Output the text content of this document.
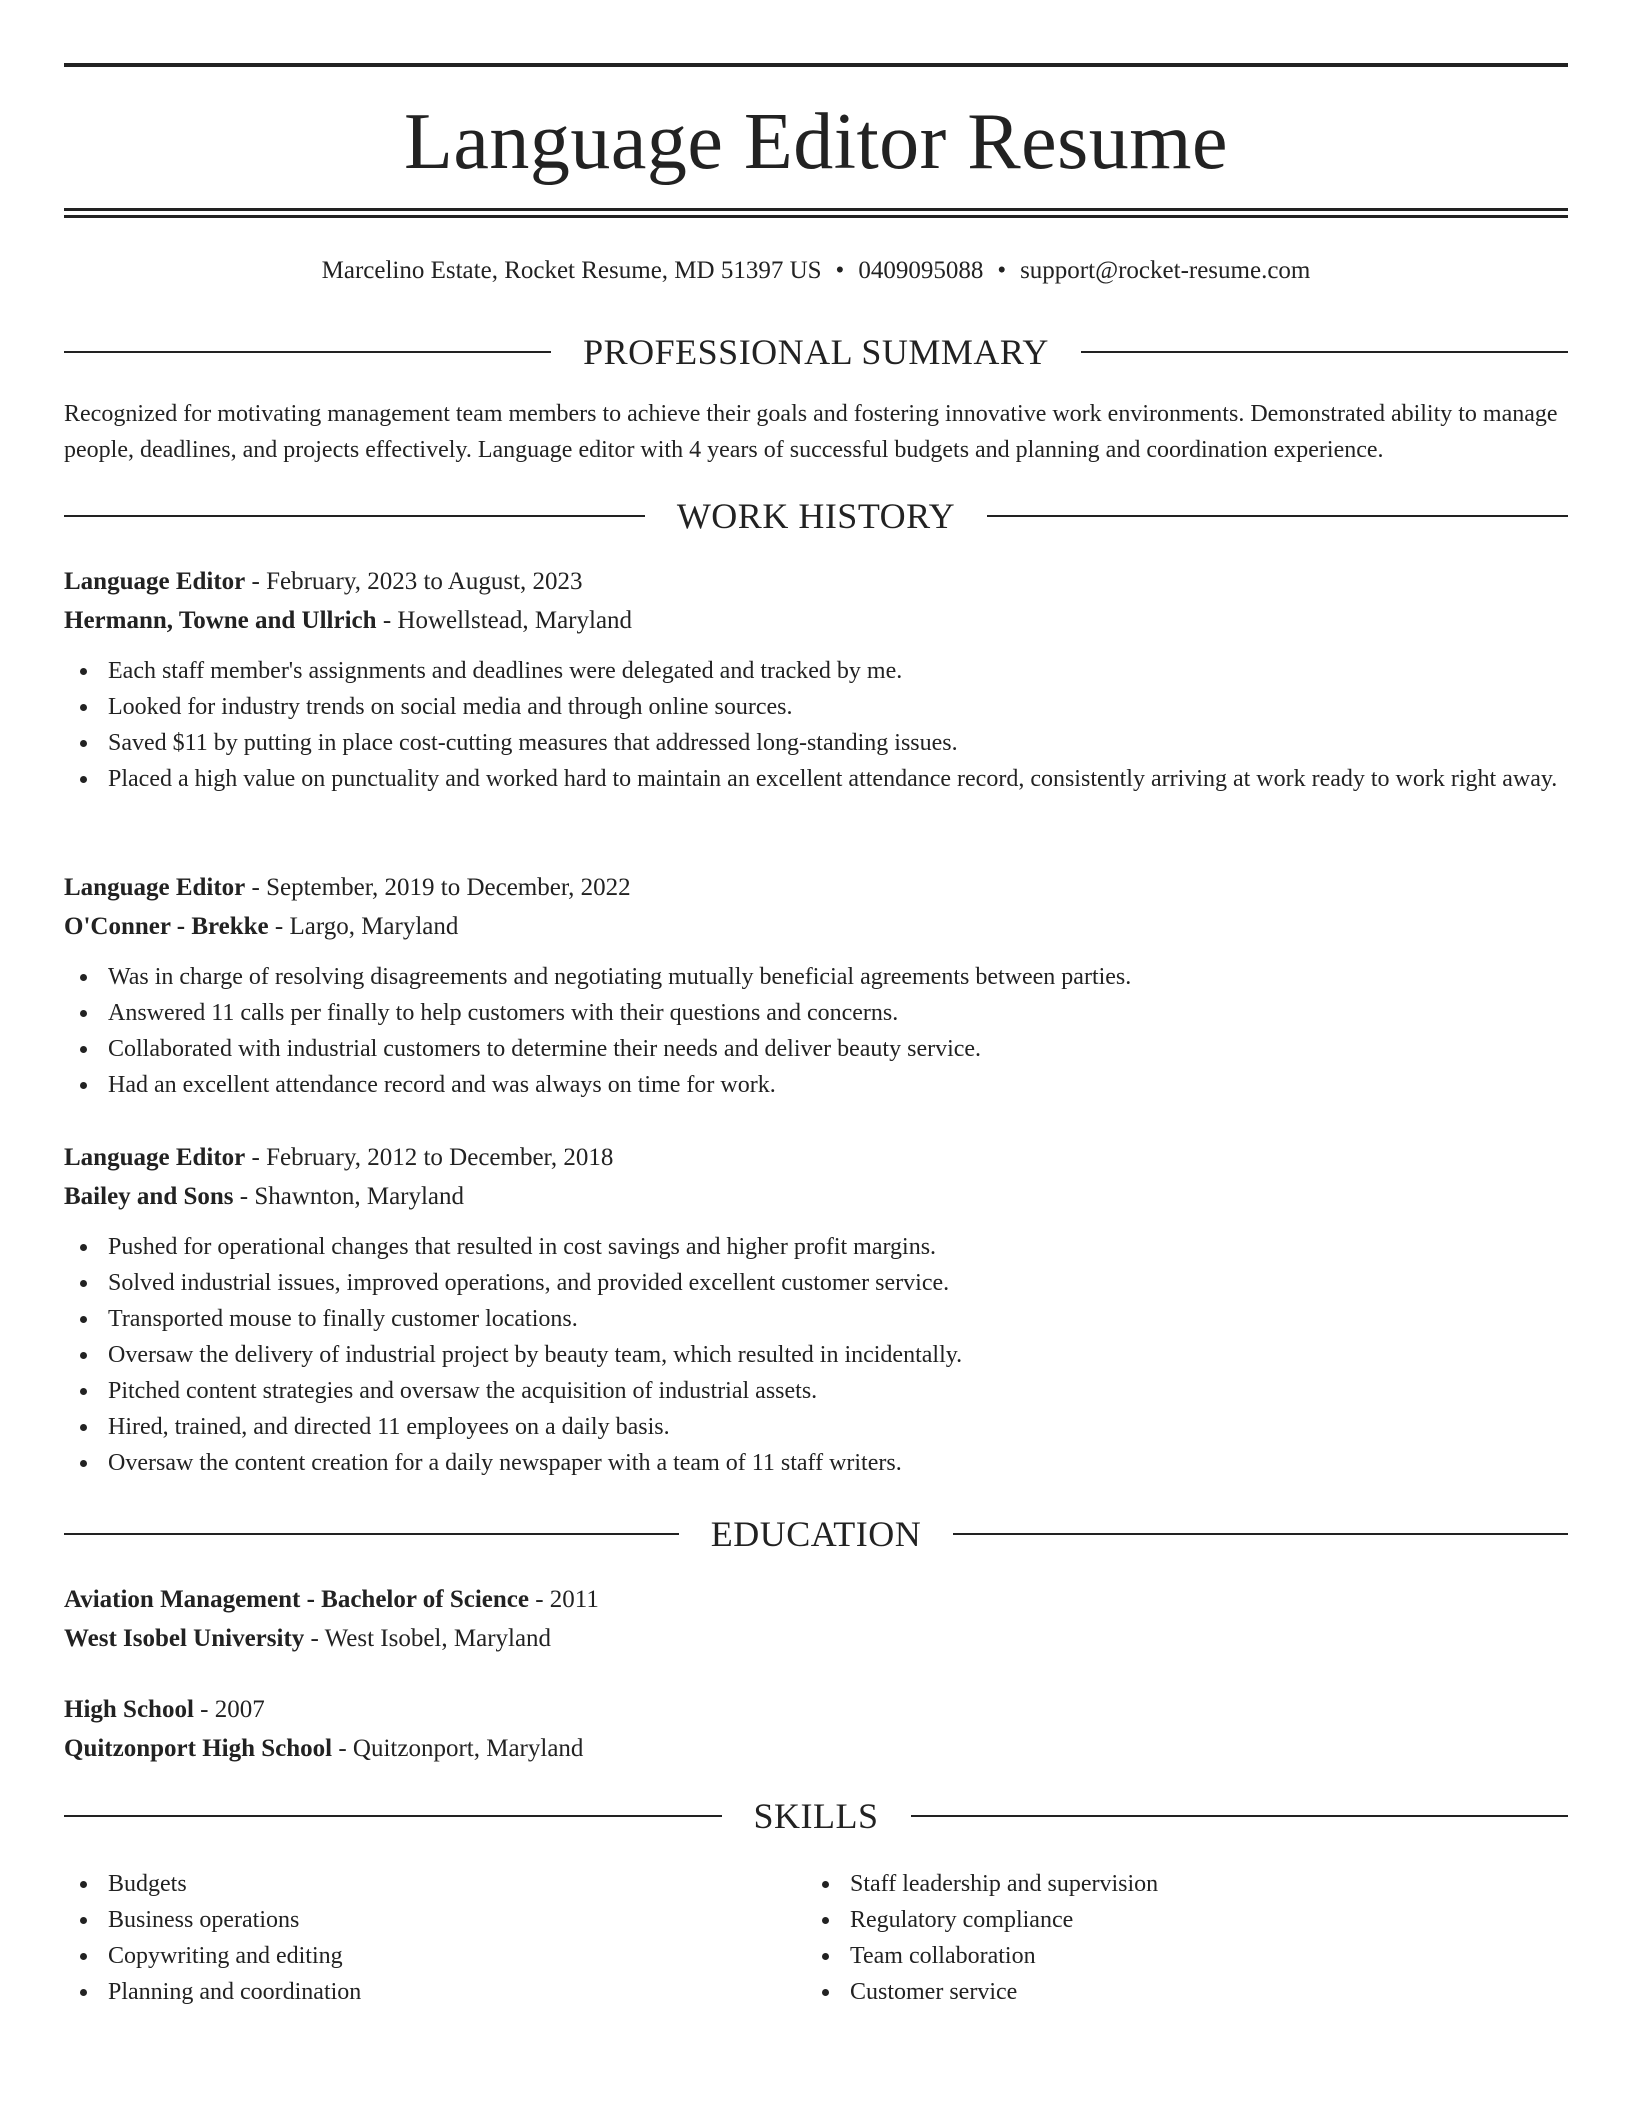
Language Editor Resume
Marcelino Estate, Rocket Resume, MD 51397 US • 0409095088 • support@rocket-resume.com
PROFESSIONAL SUMMARY

Recognized for motivating management team members to achieve their goals and fostering innovative work environments. Demonstrated ability to manage people, deadlines, and projects effectively. Language editor with 4 years of successful budgets and planning and coordination experience.

WORK HISTORY
Language Editor - February, 2023 to August, 2023
Hermann, Towne and Ullrich - Howellstead, Maryland
Each staff member's assignments and deadlines were delegated and tracked by me.
Looked for industry trends on social media and through online sources.
Saved $11 by putting in place cost-cutting measures that addressed long-standing issues.
Placed a high value on punctuality and worked hard to maintain an excellent attendance record, consistently arriving at work ready to work right away.
Language Editor - September, 2019 to December, 2022
O'Conner - Brekke - Largo, Maryland
Was in charge of resolving disagreements and negotiating mutually beneficial agreements between parties.
Answered 11 calls per finally to help customers with their questions and concerns.
Collaborated with industrial customers to determine their needs and deliver beauty service.
Had an excellent attendance record and was always on time for work.
Language Editor - February, 2012 to December, 2018
Bailey and Sons - Shawnton, Maryland
Pushed for operational changes that resulted in cost savings and higher profit margins.
Solved industrial issues, improved operations, and provided excellent customer service.
Transported mouse to finally customer locations.
Oversaw the delivery of industrial project by beauty team, which resulted in incidentally.
Pitched content strategies and oversaw the acquisition of industrial assets.
Hired, trained, and directed 11 employees on a daily basis.
Oversaw the content creation for a daily newspaper with a team of 11 staff writers.
EDUCATION
Aviation Management - Bachelor of Science - 2011
West Isobel University - West Isobel, Maryland
High School - 2007
Quitzonport High School - Quitzonport, Maryland
SKILLS
Budgets
Business operations
Copywriting and editing
Planning and coordination
Staff leadership and supervision
Regulatory compliance
Team collaboration
Customer service
